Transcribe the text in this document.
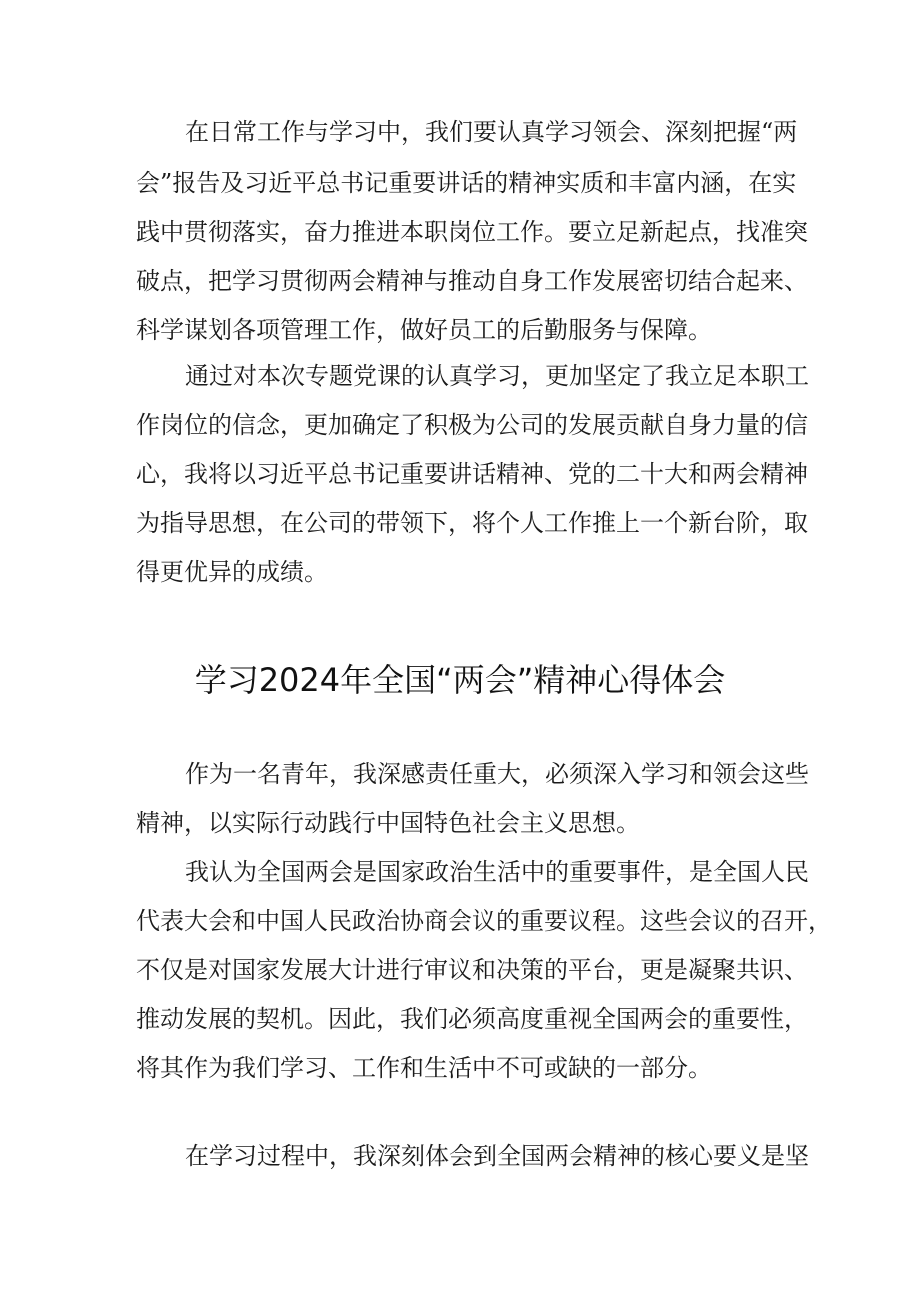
在日常工作与学习中，我们要认真学习领会、深刻把握“两
会”报告及习近平总书记重要讲话的精神实质和丰富内涵，在实
践中贯彻落实，奋力推进本职岗位工作。要立足新起点，找准突
破点，把学习贯彻两会精神与推动自身工作发展密切结合起来、
科学谋划各项管理工作，做好员工的后勤服务与保障。
通过对本次专题党课的认真学习，更加坚定了我立足本职工
作岗位的信念，更加确定了积极为公司的发展贡献自身力量的信
心，我将以习近平总书记重要讲话精神、党的二十大和两会精神
为指导思想，在公司的带领下，将个人工作推上一个新台阶，取
得更优异的成绩。
学习2024年全国“两会”精神心得体会
作为一名青年，我深感责任重大，必须深入学习和领会这些
精神，以实际行动践行中国特色社会主义思想。
我认为全国两会是国家政治生活中的重要事件，是全国人民
代表大会和中国人民政治协商会议的重要议程。这些会议的召开，
不仅是对国家发展大计进行审议和决策的平台，更是凝聚共识、
推动发展的契机。因此，我们必须高度重视全国两会的重要性，
将其作为我们学习、工作和生活中不可或缺的一部分。
在学习过程中，我深刻体会到全国两会精神的核心要义是坚
